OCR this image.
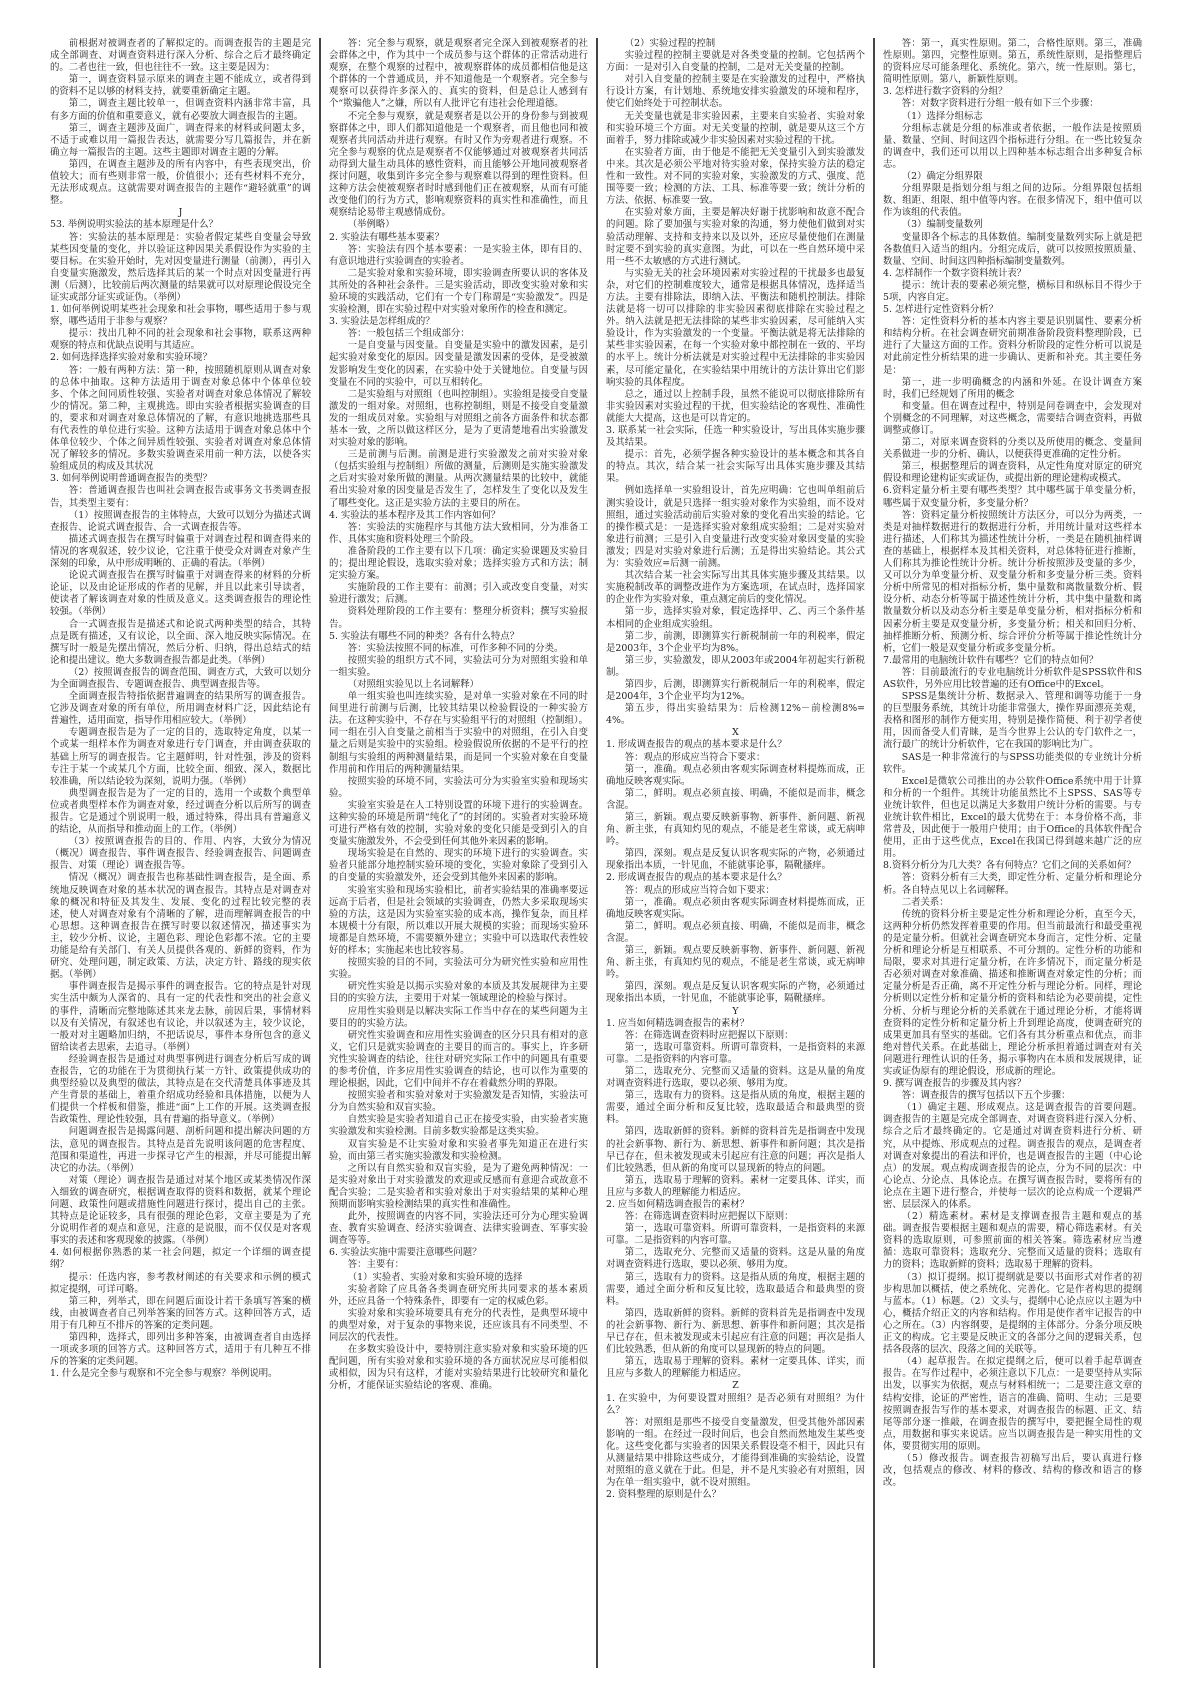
前根据对被调查者的了解拟定的。而调查报告的主题是完成全部调查、对调查资料进行深入分析、综合之后才最终确定的。二者也往一致，但也往往不一致。这主要是因为：

第一，调查资料显示原来的调查主题不能成立，或者得到的资料不足以够的材料支持，就要重新确定主题。

第二，调查主题比较单一，但调查资料内涵非常丰富，具有多方面的价值和重要意义，就有必要放大调查报告的主题。

第三，调查主题涉及面广，调查得来的材料或问题太多，不适于或难以用一篇报告表达，就需要分写几篇报告，并在新确立每一篇报告的主题。这些主题即对调查主题的分解。

第四，在调查主题涉及的所有内容中，有些表现突出，价值较大；而有些则非常一般，价值很小；还有些材料不充分，无法形成观点。这就需要对调查报告的主题作“避轻就重”的调整。

J

53. 举例说明实验法的基本原理是什么？

答：实验法的基本原理是：实验者假定某些自变量会导致某些因变量的变化，并以验证这种因果关系假设作为实验的主要目标。在实验开始时，先对因变量进行测量（前测），再引入自变量实施激发，然后选择其后的某一个时点对因变量进行再测（后测），比较前后两次测量的结果就可以对原理论假设完全证实或部分证实或证伪。（举例）

1. 如何举例说明某些社会现象和社会事物，哪些适用于参与观察，哪些适用于非参与观察？

提示：找出几种不同的社会现象和社会事物，联系这两种观察的特点和优缺点说明与其适应。

2. 如何选择选择实验对象和实验环境？

答：一般有两种方法：第一种，按照随机原则从调查对象的总体中抽取。这种方法适用于调查对象总体中个体单位较多、个体之间同质性较强、实验者对调查对象总体情况了解较少的情况。第二种，主观挑选。即由实验者根据实验调查的目的，要求和对调查对象总体情况的了解，有意识地挑选那些具有代表性的单位进行实验。这种方法适用于调查对象总体中个体单位较少、个体之间异质性较强、实验者对调查对象总体情况了解较多的情况。多数实验调查采用前一种方法，以使各实验组成员的构成及其状况

3. 如何举例说明普通调查报告的类型？

答：普通调查报告也叫社会调查报告或事务文书类调查报告，其类型主要有：

（1）按照调查报告的主体特点，大致可以划分为描述式调查报告、论说式调查报告、合一式调查报告等。

描述式调查报告在撰写时偏重于对调查过程和调查得来的情况的客观叙述，较少议论，它注重于使受众对调查对象产生深刻的印象，从中形成明晰的、正确的看法。（举例）

论说式调查报告在撰写时偏重于对调查得来的材料的分析论证，以及由论证形成的作者的见解，并且以此来引导读者，使读者了解该调查对象的性质及意义。这类调查报告的理论性较强。（举例）

合一式调查报告是描述式和论说式两种类型的结合，其特点是既有描述，又有议论，以全面、深入地反映实际情况。在撰写时一般是先摆出情况，然后分析、归纳，得出总结式的结论和提出建议。绝大多数调查报告都是此类。（举例）

（2）按照调查报告的调查范围、调查方式，大致可以划分为全面调查报告、专题调查报告、典型调查报告等。

全面调查报告特指依据普遍调查的结果所写的调查报告。它涉及调查对象的所有单位，所用调查材料广泛，因此结论有普遍性，适用面宽，指导作用相应较大。（举例）

专题调查报告是为了一定的目的，选取特定角度，以某一个或某一组样本作为调查对象进行专门调查，并由调查获取的基础上所写的调查报告。它主题鲜明，针对性强，涉及的资料专注于某一个或某几个方面，比较全面、细致、深入，数据比较准确，所以结论较为深刻，说明力强。（举例）

典型调查报告是为了一定的目的，选用一个或数个典型单位或者典型样本作为调查对象，经过调查分析以后所写的调查报告。它是通过个别说明一般，通过特殊，得出具有普遍意义的结论，从而指导和推动面上的工作。（举例）

（3）按照调查报告的目的、作用、内容，大致分为情况（概况）调查报告、事件调查报告、经验调查报告、问题调查报告、对策（理论）调查报告等。

情况（概况）调查报告也称基础性调查报告，是全面、系统地反映调查对象的基本状况的调查报告。其特点是对调查对象的概况和特征及其发生、发展、变化的过程比较完整的表述，使人对调查对象有个清晰的了解，进而理解调查报告的中心思想。这种调查报告在撰写时要以叙述情况，描述事实为主，较少分析、议论，主题色彩、理论色彩都不浓。它的主要功能是给有关部门、有关人员提供各观的、新鲜的资料，作为研究、处理问题，制定政策、方法，决定方针、路线的现实依据。（举例）

事件调查报告是揭示事件的调查报告。它的特点是针对现实生活中颇为人深省的、具有一定的代表性和突出的社会意义的事件，清晰而完整地陈述其来龙去脉，前因后果，事情材料以及有关情况，有叙述也有议论，并以叙述为主，较少议论，一般对对主题略加归纳，不把话说尽，事件本身所包含的意义留给读者去思索，去追寻。（举例）

经验调查报告是通过对典型事例进行调查分析后写成的调查报告，它的功能在于为贯彻执行某一方针、政策提供成功的典型经验以及典型的做法，其特点是在交代清楚具体事迹及其产生背景的基础上，着重介绍成功经验和具体措施，以便为人们提供一个样板和借鉴，推进“面”上工作的开展。这类调查报告政策性、理论性较强，具有普遍的指导意义。（举例）

问题调查报告是揭露问题、剖析问题和提出解决问题的方法，意见的调查报告。其特点是首先说明该问题的危害程度、范围和渠道性，再进一步探寻它产生的根源，并尽可能提出解决它的办法。（举例）

对策（理论）调查报告是通过对某个地区或某类情况作深入细致的调查研究，根据调查取得的资料和数据，就某个理论问题、政策性问题或措施性问题进行探讨，提出自己的主张。其特点是论证较多，具有很强的理论色彩，文章主要是为了充分说明作者的观点和意见，注意的是说服，而不仅仅是对客观事实的表述和客观现象的披露。（举例）

4. 如何根据你熟悉的某一社会问题，拟定一个详细的调查提纲？

提示：任选内容，参考教材阐述的有关要求和示例的模式拟定提纲，可详可略。

第三种，列举式，即在问题后面设计若干条填写答案的横线，由被调查者自己列举答案的回答方式。这种回答方式，适用于有几种互不排斥的答案的定类问题。

第四种，选择式，即列出多种答案，由被调查者自由选择一项或多项的回答方式。这种回答方式，适用于有几种互不排斥的答案的定类问题。

1. 什么是完全参与观察和不完全参与观察？举例说明。

答：完全参与观察，就是观察者完全深入到被观察者的社会群体之中，作为其中一个成员参与这个群体的正常活动进行观察，在整个观察的过程中，被观察群体的成员都相信他是这个群体的一个普通成员，并不知道他是一个观察者。完全参与观察可以获得许多深入的、真实的资料，但是总让人感到有个“欺骗他人”之嫌，所以有人批评它有违社会伦理道德。

不完全参与观察，就是观察者是以公开的身份参与到被观察群体之中，即人们都知道他是一个观察者，而且他也同和被观察者共同活动并进行观察。有时又作为旁观者进行观察。不完全参与观察的优点是观察者不仅能够通过对被观察者共同活动得到大量生动具体的感性资料，而且能够公开地同被观察者探讨问题，收集到许多完全参与观察难以得到的理性资料。但这种方法会使被观察者时时感到他们正在被观察，从而有可能改变他们的行为方式，影响观察资料的真实性和准确性，而且观察结论易带主观感情成份。

（举例略）

2. 实验法有哪些基本要素？

答：实验法有四个基本要素：一是实验主体，即有目的、有意识地进行实验调查的实验者。

二是实验对象和实验环境，即实验调查所要认识的客体及其所处的各种社会条件。三是实验活动，即改变实验对象和实验环境的实践活动，它们有一个专门称谓是“实验激发”。四是实验检测，即在实验过程中对实验对象所作的检查和测定。

3. 实验法是怎样组成的？

答：一般包括三个组成部分：

一是自变量与因变量。自变量是实验中的激发因素，是引起实验对象变化的原因。因变量是激发因素的受体，是受被激发影响发生变化的因素，在实验中处于关键地位。自变量与因变量在不同的实验中，可以互相转化。

二是实验组与对照组（也叫控制组）。实验组是接受自变量激发的一组对象。对照组，也称控制组，则是不接受自变量激发的一组成员对象。实验组与对照组之前各方面条件和状态都基本一致，之所以做这样区分，是为了更清楚地看出实验激发对实验对象的影响。

三是前测与后测。前测是进行实验激发之前对实验对象（包括实验组与控制组）所做的测量，后测则是实施实验激发之后对实验对象所做的测量。从两次测量结果的比较中，就能看出实验对象的因变量是否发生了，怎样发生了变化以及发生了哪些变化。这正是实验方法的主要目的所在。

4. 实验法的基本程序及其工作内容如何？

答：实验法的实施程序与其他方法大致相同，分为准备工作、具体实施和资料处理三个阶段。

准备阶段的工作主要有以下几项：确定实验课题及实验目的；提出理论假设，选取实验对象；选择实验方式和方法；制定实验方案。

实施阶段的工作主要有：前测；引入或改变自变量，对实验进行激发；后测。

资料处理阶段的工作主要有：整理分析资料；撰写实验报告。

5. 实验法有哪些不同的种类？各有什么特点？

答：实验法按照不同的标准，可作多种不同的分类。

按照实验的组织方式不同，实验法可分为对照组实验和单一组实验。

（对照组实验见以上名词解释）

单一组实验也叫连续实验，是对单一实验对象在不同的时间里进行前测与后测，比较其结果以检验假设的一种实验方法。在这种实验中，不存在与实验组平行的对照组（控制组）。同一组在引入自变量之前相当于实验中的对照组，在引入自变量之后则是实验中的实验组。检验假说所依据的不是平行的控制组与实验组的两种测量结果，而是同一个实验对象在自变量作用前和作用后的两种测量结果。

按照实验的环境不同，实验法可分为实验室实验和现场实验。

实验室实验是在人工特别设置的环境下进行的实验调查。这种实验的环境是所谓“纯化了”的封闭的。实验者对实验环境可进行严格有效的控制，实验对象的变化只能是受到引入的自变量实施激发外，不会受到任何其他外来因素的影响。

现场实验是在自然的、现实的环境下进行的实验调查。实验者只能部分地控制实验环境的变化，实验对象除了受到引入的自变量的实验激发外，还会受到其他外来因素的影响。

实验室实验和现场实验相比，前者实验结果的准确率要远远高于后者，但是社会领域的实验调查，仍然大多采取现场实验的方法，这是因为实验室实验的成本高，操作复杂，而且样本规模十分有限，所以难以开展大规模的实验；而现场实验环境都是自然环境，不需要额外建立；实验中可以选取代表性较好的样本；实施起来也比较容易。

按照实验的目的不同，实验法可分为研究性实验和应用性实验。

研究性实验是以揭示实验对象的本质及其发展规律为主要目的的实验方法，主要用于对某一领域理论的检验与探讨。

应用性实验则是以解决实际工作当中存在的某些问题为主要目的的实验方法。

研究性实验调查和应用性实验调查的区分只具有相对的意义，它们只是就实验调查的主要目的而言的。事实上，许多研究性实验调查的结论，往往对研究实际工作中的问题具有重要的参考价值，许多应用性实验调查的结论，也可以作为重要的理论根据，因此，它们中间并不存在着截然分明的界限。

按照实验者和实验对象对于实验激发是否知情，实验法可分为自然实验和双盲实验。

自然实验是实验者知道自己正在接受实验，由实验者实施实验激发和实验检测。目前多数实验都是这类实验。

双盲实验是不让实验对象和实验者事先知道正在进行实验，而由第三者实施实验激发和实验检测。

之所以有自然实验和双盲实验，是为了避免两种情况：一是实验对象出于对实验激发的欢迎或反感而有意迎合或故意不配合实验；二是实验者和实验对象出于对实验结果的某种心理预期而影响实验检测结果的真实性和准确性。

此外，按照调查的内容不同，实验法还可分为心理实验调查、教育实验调查、经济实验调查、法律实验调查、军事实验调查等等。

6. 实验法实施中需要注意哪些问题？

答：主要有：

（1）实验者、实验对象和实验环境的选择

实验者除了应具备各类调查研究所共同要求的基本素质外，还应具备一个特殊条件，即要有一定的权威色彩。

实验对象和实验环境要具有充分的代表性，是典型环境中的典型对象，对于复杂的事物来说，还应该具有不同类型、不同层次的代表性。

在多数实验设计中，要特别注意实验对象和实验环境的匹配问题，所有实验对象和实验环境的各方面状况应尽可能相似或相似，因为只有这样，才能对实验结果进行比较研究和量化分析，才能保证实验结论的客观、准确。

（2）实验过程的控制

实验过程的控制主要就是对各类变量的控制。它包括两个方面：一是对引入自变量的控制，二是对无关变量的控制。

对引入自变量的控制主要是在实验激发的过程中，严格执行设计方案，有计划地、系统地安排实验激发的环境和程序，使它们始终处于可控制状态。

无关变量也就是非实验因素，主要来自实验者、实验对象和实验环境三个方面。对无关变量的控制，就是要从这三个方面着手，努力排除或减少非实验因素对实验过程的干扰。

在实验者方面，由于他是不能把无关变量引入到实验激发中来。其次是必须公平地对待实验对象，保持实验方法的稳定性和一致性。对不同的实验对象，实验激发的方式、强度、范围等要一致；检测的方法、工具、标准等要一致；统计分析的方法、依据、标准要一致。

在实验对象方面，主要是解决好谢于扰影响和故意不配合的问题。除了要加强与实验对象的沟通，努力使他们做到对实验活动理解、支持和支持来以及以外，还应尽量使他们在测量时定要不到实验的真实意图。为此，可以在一些自然环境中采用一些不太敏感的方式进行测试。

与实验无关的社会环境因素对实验过程的干扰最多也最复杂，对它们的控制难度较大，通常是根据具体情况，选择适当方法。主要有排除法，即纳入法、平衡法和随机控制法。排除法就是将一切可以排除的非实验因素彻底排除在实验过程之外。纳入法就是把无法排除的某些非实验因素，尽可能纳入实验设计，作为实验激发的一个变量。平衡法就是将无法排除的某些非实验因素，在每一个实验对象中都控制在一致的、平均的水平上。统计分析法就是对实验过程中无法排除的非实验因素，尽可能定量化，在实验结果中用统计的方法计算出它们影响实验的具体程度。

总之，通过以上控制手段，虽然不能说可以彻底排除所有非实验因素对实验过程的干扰，但实验结论的客观性、准确性就能大大提高，这也是可以肯定的。

3. 联系某一社会实际，任选一种实验设计，写出具体实施步骤及其结果。

提示：首先，必须学握各种实验设计的基本概念和其各自的特点。其次，结合某一社会实际写出具体实施步骤及其结果。

例如选择单一实验组设计，首先应明确：它也叫单组前后测实验设计，就是只选择一组实验对象作为实验组，而不设对照组，通过实验活动前后实验对象的变化看出实验的结论。它的操作模式是：一是选择实验对象组成实验组；二是对实验对象进行前测；三是引入自变量进行改变实验对象因变量的实验激发；四是对实验对象进行后测；五是得出实验结论。其公式为：实验效应=后测一前测。

其次结合某一社会实际写出其具体实施步骤及其结果。以实施税制改革的调整改进作为方案选项，在试点时，选择国家的企业作为实验对象，重点测定前后的变化情况。

第一步，选择实验对象，假定选择甲、乙、丙三个条件基本相同的企业组成实验组。

第二步，前测，即测算实行新税制前一年的利税率，假定是2003年，3个企业平均为8%。

第三步，实验激发，即从2003年或2004年初起实行新税制。

第四步，后测，即测算实行新税制后一年的利税率，假定是2004年，3个企业平均为12%。

第五步，得出实验结果为：后检测12%－前检测8%=4%。

X

1. 形成调查报告的观点的基本要求是什么？

答：观点的形成应当符合下要求：

第一，准确。观点必须由客观实际调查材料提炼而成，正确地反映客观实际。

第二，鲜明。观点必须直接、明确，不能似是而非，概念含混。

第三，新颖。观点要反映新事物、新事件、新问题、新视角、新主张，有真知灼见的观点，不能是老生常谈，或无病呻吟。

第四，深刻。观点是反复认识客观实际的产物，必须通过现象指出本质，一针见血，不能就事论事，隔靴搔痒。

2. 形成调查报告的观点的基本要求是什么？

答：观点的形成应当符合如下要求：

第一，准确。观点必须由客观实际调查材料提炼而成，正确地反映客观实际。

第二，鲜明。观点必须直接、明确，不能似是而非，概念含混。

第三，新颖。观点要反映新事物、新事件、新问题、新视角、新主张，有真知灼见的观点，不能是老生常谈，或无病呻吟。

第四，深刻。观点是反复认识客观实际的产物，必须通过现象指出本质，一针见血，不能就事论事，隔靴搔痒。

Y

1. 应当如何精选调查报告的素材？

答：在筛选调查资料时应把握以下原则：

第一，选取可靠资料。所谓可靠资料，一是指资料的来源可靠。二是指资料的内容可靠。

第二，选取充分、完整而又适量的资料。这是从量的角度对调查资料进行选取，要以必须、够用为度。

第三，选取有力的资料。这是指从质的角度，根据主题的需要，通过全面分析和反复比较，选取最适合和最典型的资料。

第四，选取新鲜的资料。新鲜的资料首先是指调查中发现的社会新事物、新行为、新思想、新事件和新问题；其次是指早已存在，但未被发现或未引起应有注意的问题；再次是指人们比较熟悉，但从新的角度可以显现新的特点的问题。

第五，选取易于理解的资料。素材一定要具体、详实，而且应与多数人的理解能力相适应。

2. 应当如何精选调查报告的素材？

答：在筛选调查资料时应把握以下原则：

第一，选取可靠资料。所谓可靠资料，一是指资料的来源可靠。二是指资料的内容可靠。

第二，选取充分、完整而又适量的资料。这是从量的角度对调查资料进行选取，要以必须、够用为度。

第三，选取有力的资料。这是指从质的角度，根据主题的需要，通过全面分析和反复比较，选取最适合和最典型的资料。

第四，选取新鲜的资料。新鲜的资料首先是指调查中发现的社会新事物、新行为、新思想、新事件和新问题；其次是指早已存在，但未被发现或未引起应有注意的问题；再次是指人们比较熟悉，但从新的角度可以显现新的特点的问题。

第五，选取易于理解的资料。素材一定要具体、详实，而且应与多数人的理解能力相适应。

Z

1. 在实验中，为何要设置对照组？是否必须有对照组？为什么？

答：对照组是那些不接受自变量激发，但受其他外部因素影响的一组。在经过一段时间后，也会自然而然地发生某些变化。这些变化都与实验者的因果关系假设毫不相干，因此只有从测量结果中排除这些成分，才能得到准确的实验结论，设置对照组的意义就在于此。但是，并不是凡实验必有对照组，因为在单一组实验中，就不设对照组。

2. 资料整理的原则是什么？

答：第一，真实性原则。第二，合格性原则。第三，准确性原则。第四，完整性原则。第五，系统性原则，是指整理后的资料应尽可能条理化、系统化。第六，统一性原则。第七，简明性原则。第八，新颖性原则。

3. 怎样进行数字资料的分组？

答：对数字资料进行分组一般有如下三个步骤：

（1）选择分组标志

分组标志就是分组的标准或者依据，一般作法是按照质量、数量、空间、时间这四个指标进行分组。在一些比较复杂的调查中，我们还可以用以上四种基本标志组合出多种复合标志。

（2）确定分组界限

分组界限是指划分组与组之间的边际。分组界限包括组数、组距、组限、组中值等内容。在很多情况下，组中值可以作为该组的代表值。

（3）编制变量数列

变量即各个标志的具体数值。编制变量数列实际上就是把各数值归入适当的组内。分组完成后，就可以按照按照质量、数量、空间、时间这四种指标编制变量数列。

4. 怎样制作一个数字资料统计表？

提示：统计表的要素必须完整，横标目和纵标目不得少于5项，内容自定。

5. 怎样进行定性资料分析？

答：定性资料分析的基本内容主要是识别属性、要素分析和结构分析。在社会调查研究前期准备阶段资料整理阶段，已进行了大量这方面的工作。资料分析阶段的定性分析可以说是对此前定性分析结果的进一步确认、更新和补充。其主要任务是：

第一，进一步明确概念的内涵和外延。在设计调查方案时，我们已经规划了所用的概念

和变量。但在调查过程中，特别是问卷调查中，会发现对个别概念的不同理解，对这些概念，需要结合调查资料，再做调整或修订。

第二，对原来调查资料的分类以及所使用的概念、变量间关系做进一步的分析、确认，以便获得更准确的定性分析。

第三，根据整理后的调查资料，从定性角度对原定的研究假设和理论建构证实或证伪，或提出新的理论建构或模式。

6.资料定量分析主要有哪些类型？其中哪些属于单变量分析，哪些属于双变量分析，多变量分析？

答：资料定量分析按照统计方法区分，可以分为两类，一类是对抽样数据进行的数据进行分析，并用统计量对这些样本进行描述，人们称其为描述性统计分析，一类是在随机抽样调查的基础上，根据样本及其相关资料，对总体特征进行推断，人们称其为推论性统计分析。统计分析按照涉及变量的多少，又可以分为单变量分析、双变量分析和多变量分析三类。资料分析中所常见的相对指标分析，集中量数和离散量数分析、假设分析、动态分析等属于描述性统计分析，其中集中量数和离散量数分析以及动态分析主要是单变量分析，相对指标分析和因素分析主要是双变量分析，多变量分析；相关和回归分析、抽样推断分析、预测分析、综合评价分析等属于推论性统计分析，它们一般是双变量分析或多变量分析。

7.最常用的电脑统计软件有哪些？它们的特点如何？

答：目前最流行的专业电脑统计分析软件是SPSS软件和SAS软件，另外应用比较普遍的还有Office中的Excel。

SPSS是集统计分析、数据录入、管理和调等功能于一身的巨型服务系统，其统计功能非常强大，操作界面漂亮美观，表格和图形的制作方便实用，特别是操作简便、利于初学者使用，因而备受人们青睐，是当今世界上公认的专门软件之一，流行最广的统计分析软件，它在我国的影响比为广。

SAS是一种非常流行的与SPSS功能类似的专业统计分析软件。

Excel是微软公司推出的办公软件Office系统中用于计算和分析的一个组件。其统计功能虽然比不上SPSS、SAS等专业统计软件，但也足以满足大多数用户统计分析的需要。与专业统计软件相比，Excel的最大优势在于：本身价格不高，非常普及，因此便于一般用户使用；由于Office的具体软件配合使用，正由于这些优点，Excel在我国已得到越来越广泛的应用。

8.资料分析分为几大类？各有何特点？它们之间的关系如何？

答：资料分析有三大类，即定性分析、定量分析和理论分析。各自特点见以上名词解释。

二者关系：

传统的资料分析主要是定性分析和理论分析，直至今天，这两种分析仍然发挥着重要的作用。但当前最流行和最受重视的是定量分析。但就社会调查研究本身而言，定性分析、定量分析和理论分析是互相联系、不可分割的。定性分析的功能和局限，要求对其进行定量分析，在许多情况下，而定量分析是否必须对调查对象准确、描述和推断调查对象定性的分析；而定量分析是否正确，离不开定性分析与理论分析。同样，理论分析则以定性分析和定量分析的资料和结论为必要前提，定性分析、分析与理论分析的关系就在于通过理论分析，才能将调查资料的定性分析和定量分析上升到理论高度，使调查研究的成果更加具有坚实的基础。它们各有其分析重点和优点，而非绝对替代关系。在此基础上，理论分析承担着通过调查对有关问题进行理性认识的任务，揭示事物内在本质和发展规律，证实或证伪原有的理论假设，形成新的理论。

9. 撰写调查报告的步骤及其内容？

答：调查报告的撰写包括以下五个步骤：

（1）确定主题、形成观点。这是调查报告的首要问题。调查报告的主题是完成全部调查、对调查资料进行深入分析、综合之后才最终确定的。它是通过对调查资料进行分析、研究，从中提炼、形成观点的过程。调查报告的观点，是调查者对调查对象提出的看法和评价，也是调查报告的主题（中心论点）的发展。观点构成调查报告的论点，分为不同的层次：中心论点、分论点、具体论点。在撰写调查报告时，要将所有的论点在主题下进行整合，并使每一层次的论点构成一个逻辑严密、层层深入的体系。

（2）精选素材。素材是支撑调查报告主题和观点的基础。调查报告要根据主题和观点的需要，精心筛选素材。有关资料的选取原则，可参照前面的相关答案。筛选素材应当遵循：选取可靠资料；选取充分、完整而又适量的资料；选取有力的资料；选取新鲜的资料；选取易于理解的资料。

（3）拟订提纲。拟订提纲就是要以书面形式对作者的初步构思加以概括，使之系统化、完善化。它是作者构思的提纲与蓝本。（1）标题。（2）文头与，提纲中心论点应以主题为中心，概括介绍正文的内容和结构。作用是使作者牢记报告的中心之所在。（3）内容纲要，是提纲的主体部分。分条分项反映正文的构成。它主要是反映正文的各部分之间的逻辑关系，包括各段落的层次、段落之间的关联等。

（4）起草报告。在拟定提纲之后，便可以着手起草调查报告。在写作过程中，必须注意以下几点：一是要坚持从实际出发，以事实为依据，观点与材料相统一；二是要注意文章的结构安排，论证的严密性，语言的准确、简明、生动；三是要按照调查报告写作的基本要求，对调查报告的标题、正文、结尾等部分逐一推敲，在调查报告的撰写中，要把握全局性的观点，用数据和事实来说话。应当以调查报告是一种实用性的文体，要贯彻实用的原则。

（5）修改报告。调查报告初稿写出后，要认真进行修改，包括观点的修改、材料的修改、结构的修改和语言的修改。
